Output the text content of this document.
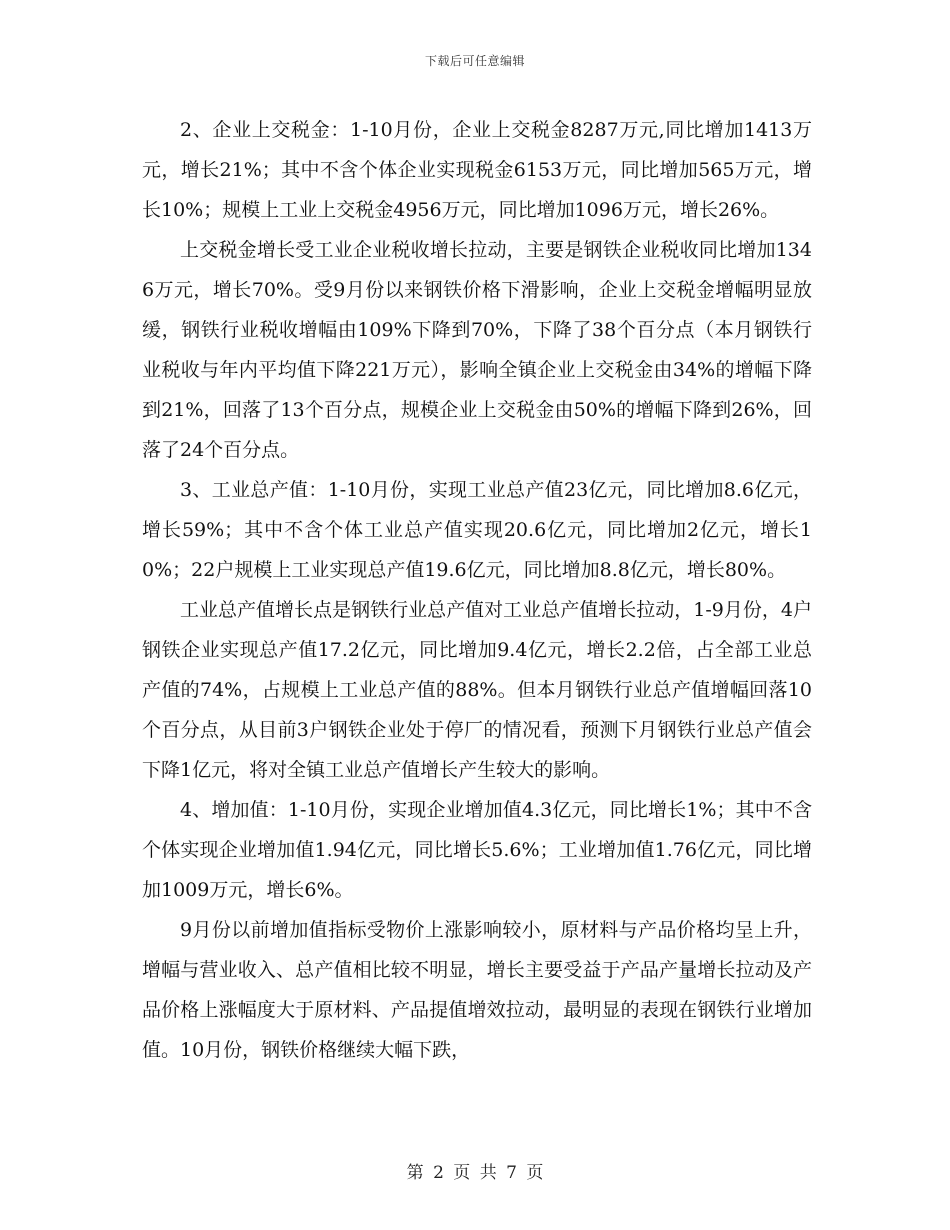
下载后可任意编辑

2、企业上交税金：1-10月份，企业上交税金8287万元,同比增加1413万元，增长21%；其中不含个体企业实现税金6153万元，同比增加565万元，增长10%；规模上工业上交税金4956万元，同比增加1096万元，增长26%。

上交税金增长受工业企业税收增长拉动，主要是钢铁企业税收同比增加1346万元，增长70%。受9月份以来钢铁价格下滑影响，企业上交税金增幅明显放缓，钢铁行业税收增幅由109%下降到70%，下降了38个百分点（本月钢铁行业税收与年内平均值下降221万元），影响全镇企业上交税金由34%的增幅下降到21%，回落了13个百分点，规模企业上交税金由50%的增幅下降到26%，回落了24个百分点。

3、工业总产值：1-10月份，实现工业总产值23亿元，同比增加8.6亿元，增长59%；其中不含个体工业总产值实现20.6亿元，同比增加2亿元，增长10%；22户规模上工业实现总产值19.6亿元，同比增加8.8亿元，增长80%。

工业总产值增长点是钢铁行业总产值对工业总产值增长拉动，1-9月份，4户钢铁企业实现总产值17.2亿元，同比增加9.4亿元，增长2.2倍，占全部工业总产值的74%，占规模上工业总产值的88%。但本月钢铁行业总产值增幅回落10个百分点，从目前3户钢铁企业处于停厂的情况看，预测下月钢铁行业总产值会下降1亿元，将对全镇工业总产值增长产生较大的影响。

4、增加值：1-10月份，实现企业增加值4.3亿元，同比增长1%；其中不含个体实现企业增加值1.94亿元，同比增长5.6%；工业增加值1.76亿元，同比增加1009万元，增长6%。

9月份以前增加值指标受物价上涨影响较小，原材料与产品价格均呈上升，增幅与营业收入、总产值相比较不明显，增长主要受益于产品产量增长拉动及产品价格上涨幅度大于原材料、产品提值增效拉动，最明显的表现在钢铁行业增加值。10月份，钢铁价格继续大幅下跌，

第 2 页 共 7 页
